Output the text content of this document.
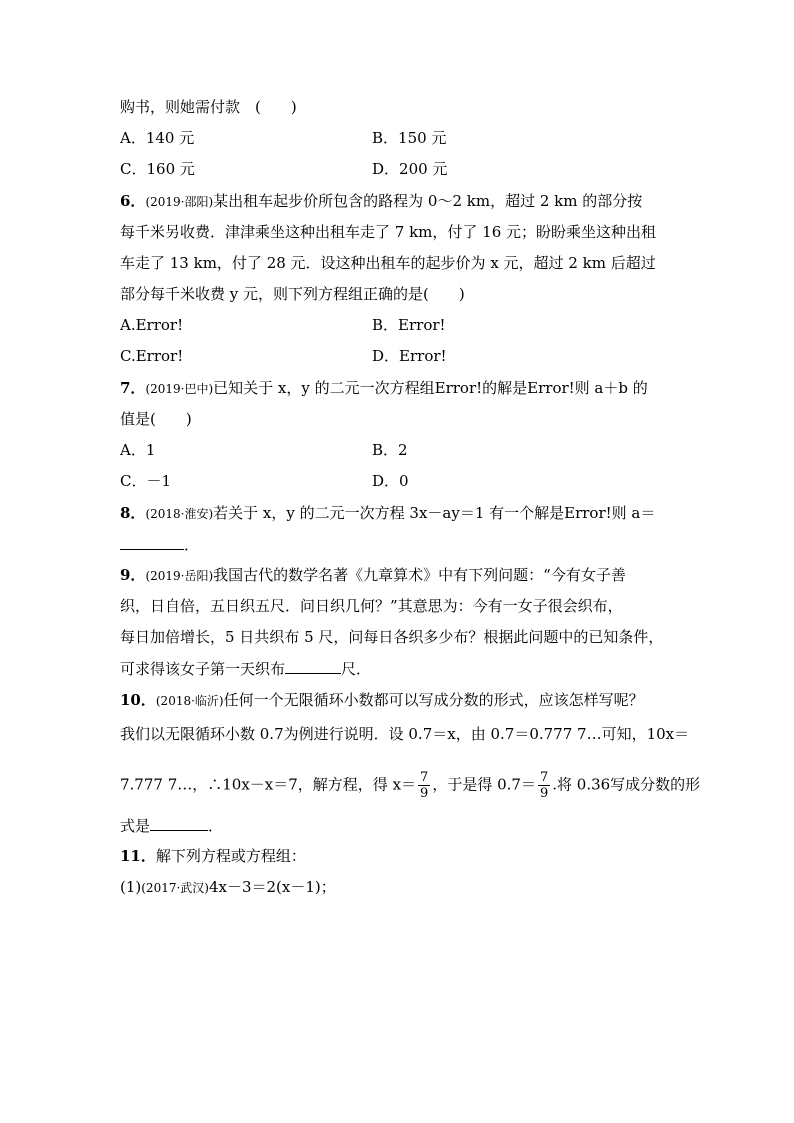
购书，则她需付款　(　　)
A．140 元	B．150 元
C．160 元	D．200 元
6．(2019·邵阳)某出租车起步价所包含的路程为 0～2 km，超过 2 km 的部分按
每千米另收费．津津乘坐这种出租车走了 7 km，付了 16 元；盼盼乘坐这种出租
车走了 13 km，付了 28 元．设这种出租车的起步价为 x 元，超过 2 km 后超过
部分每千米收费 y 元，则下列方程组正确的是(　　)
A.Error!	B．Error!
C.Error!	D．Error!
7．(2019·巴中)已知关于 x，y 的二元一次方程组Error!的解是Error!则 a＋b 的
值是(　　)
A．1	B．2
C．－1	D．0
8．(2018·淮安)若关于 x，y 的二元一次方程 3x－ay＝1 有一个解是Error!则 a＝
．
9．(2019·岳阳)我国古代的数学名著《九章算术》中有下列问题：“今有女子善
织，日自倍，五日织五尺．问日织几何？”其意思为：今有一女子很会织布，
每日加倍增长，5 日共织布 5 尺，问每日各织多少布？根据此问题中的已知条件，
可求得该女子第一天织布	尺．
10．(2018·临沂)任何一个无限循环小数都可以写成分数的形式，应该怎样写呢？
我们以无限循环小数 0.7为例进行说明．设 0.7＝x，由 0.7＝0.777 7…可知，10x＝
7.777 7…，∴10x－x＝7，解方程，得 $x= \frac{7}{9}$ ，于是得 $0.7= \frac{7}{9}$ .将 0.36写成分数的形
式是	．
11．解下列方程或方程组：
(1)(2017·武汉)4x－3＝2(x－1)；
